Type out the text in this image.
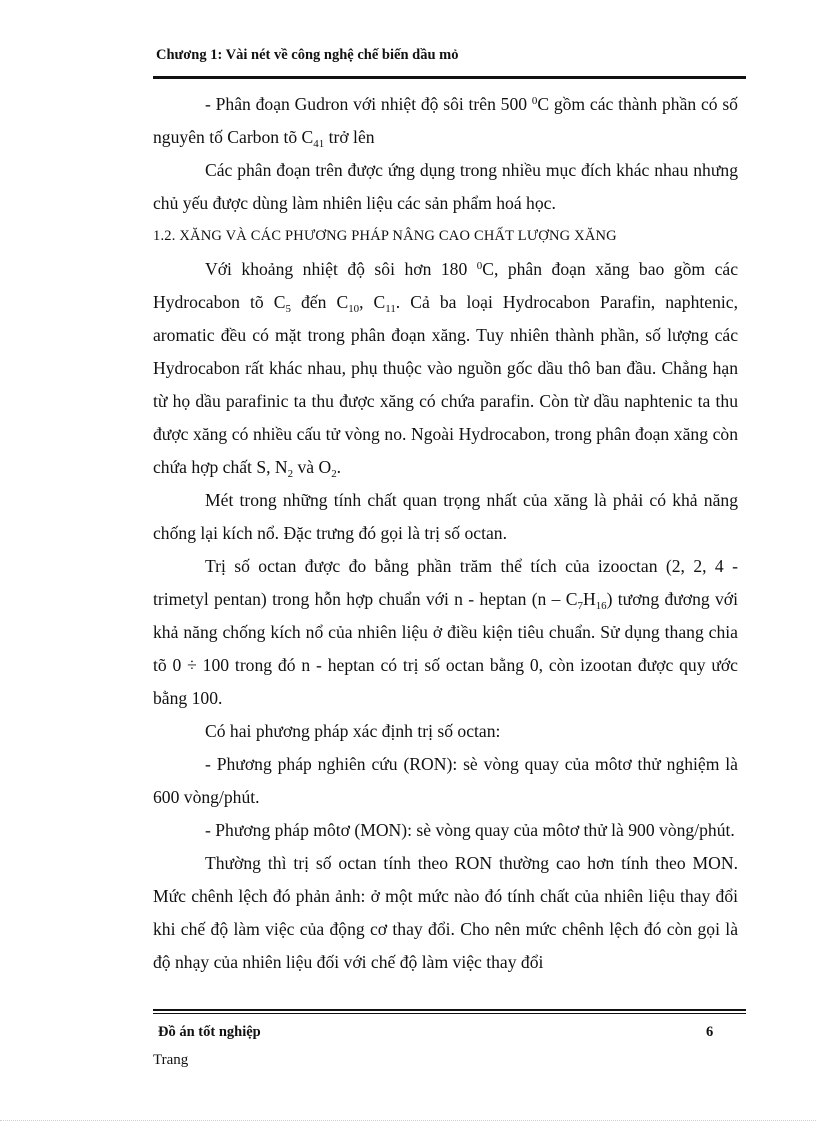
Chương 1: Vài nét về công nghệ chế biến dầu mỏ

- Phân đoạn Gudron với nhiệt độ sôi trên 500 $^0$C gồm các thành phần có số nguyên tố Carbon tõ $C_{41}$ trở lên

Các phân đoạn trên được ứng dụng trong nhiều mục đích khác nhau nhưng chủ yếu được dùng làm nhiên liệu các sản phẩm hoá học.

1.2. XĂNG VÀ CÁC PHƯƠNG PHÁP NÂNG CAO CHẤT LƯỢNG XĂNG

Với khoảng nhiệt độ sôi hơn 180 $^0$C, phân đoạn xăng bao gồm các Hydrocabon tõ $C_5$ đến $C_{10}$, $C_{11}$. Cả ba loại Hydrocabon Parafin, naphtenic, aromatic đều có mặt trong phân đoạn xăng. Tuy nhiên thành phần, số lượng các Hydrocabon rất khác nhau, phụ thuộc vào nguồn gốc dầu thô ban đầu. Chẳng hạn từ họ dầu parafinic ta thu được xăng có chứa parafin. Còn từ dầu naphtenic ta thu được xăng có nhiều cấu tử vòng no. Ngoài Hydrocabon, trong phân đoạn xăng còn chứa hợp chất S, $N_2$ và $O_2$.

Mét trong những tính chất quan trọng nhất của xăng là phải có khả năng chống lại kích nổ. Đặc trưng đó gọi là trị số octan.

Trị số octan được đo bằng phần trăm thể tích của izooctan (2, 2, 4 - trimetyl pentan) trong hỗn hợp chuẩn với n - heptan $(n - C_7H_{16})$ tương đương với khả năng chống kích nổ của nhiên liệu ở điều kiện tiêu chuẩn. Sử dụng thang chia tõ 0 ÷ 100 trong đó n - heptan có trị số octan bằng 0, còn izootan được quy ước bằng 100.

Có hai phương pháp xác định trị số octan:

- Phương pháp nghiên cứu (RON): sè vòng quay của môtơ thử nghiệm là 600 vòng/phút.

- Phương pháp môtơ (MON): sè vòng quay của môtơ thử là 900 vòng/phút.

Thường thì trị số octan tính theo RON thường cao hơn tính theo MON. Mức chênh lệch đó phản ảnh: ở một mức nào đó tính chất của nhiên liệu thay đổi khi chế độ làm việc của động cơ thay đổi. Cho nên mức chênh lệch đó còn gọi là độ nhạy của nhiên liệu đối với chế độ làm việc thay đổi

Đồ án tốt nghiệp	6
Trang
